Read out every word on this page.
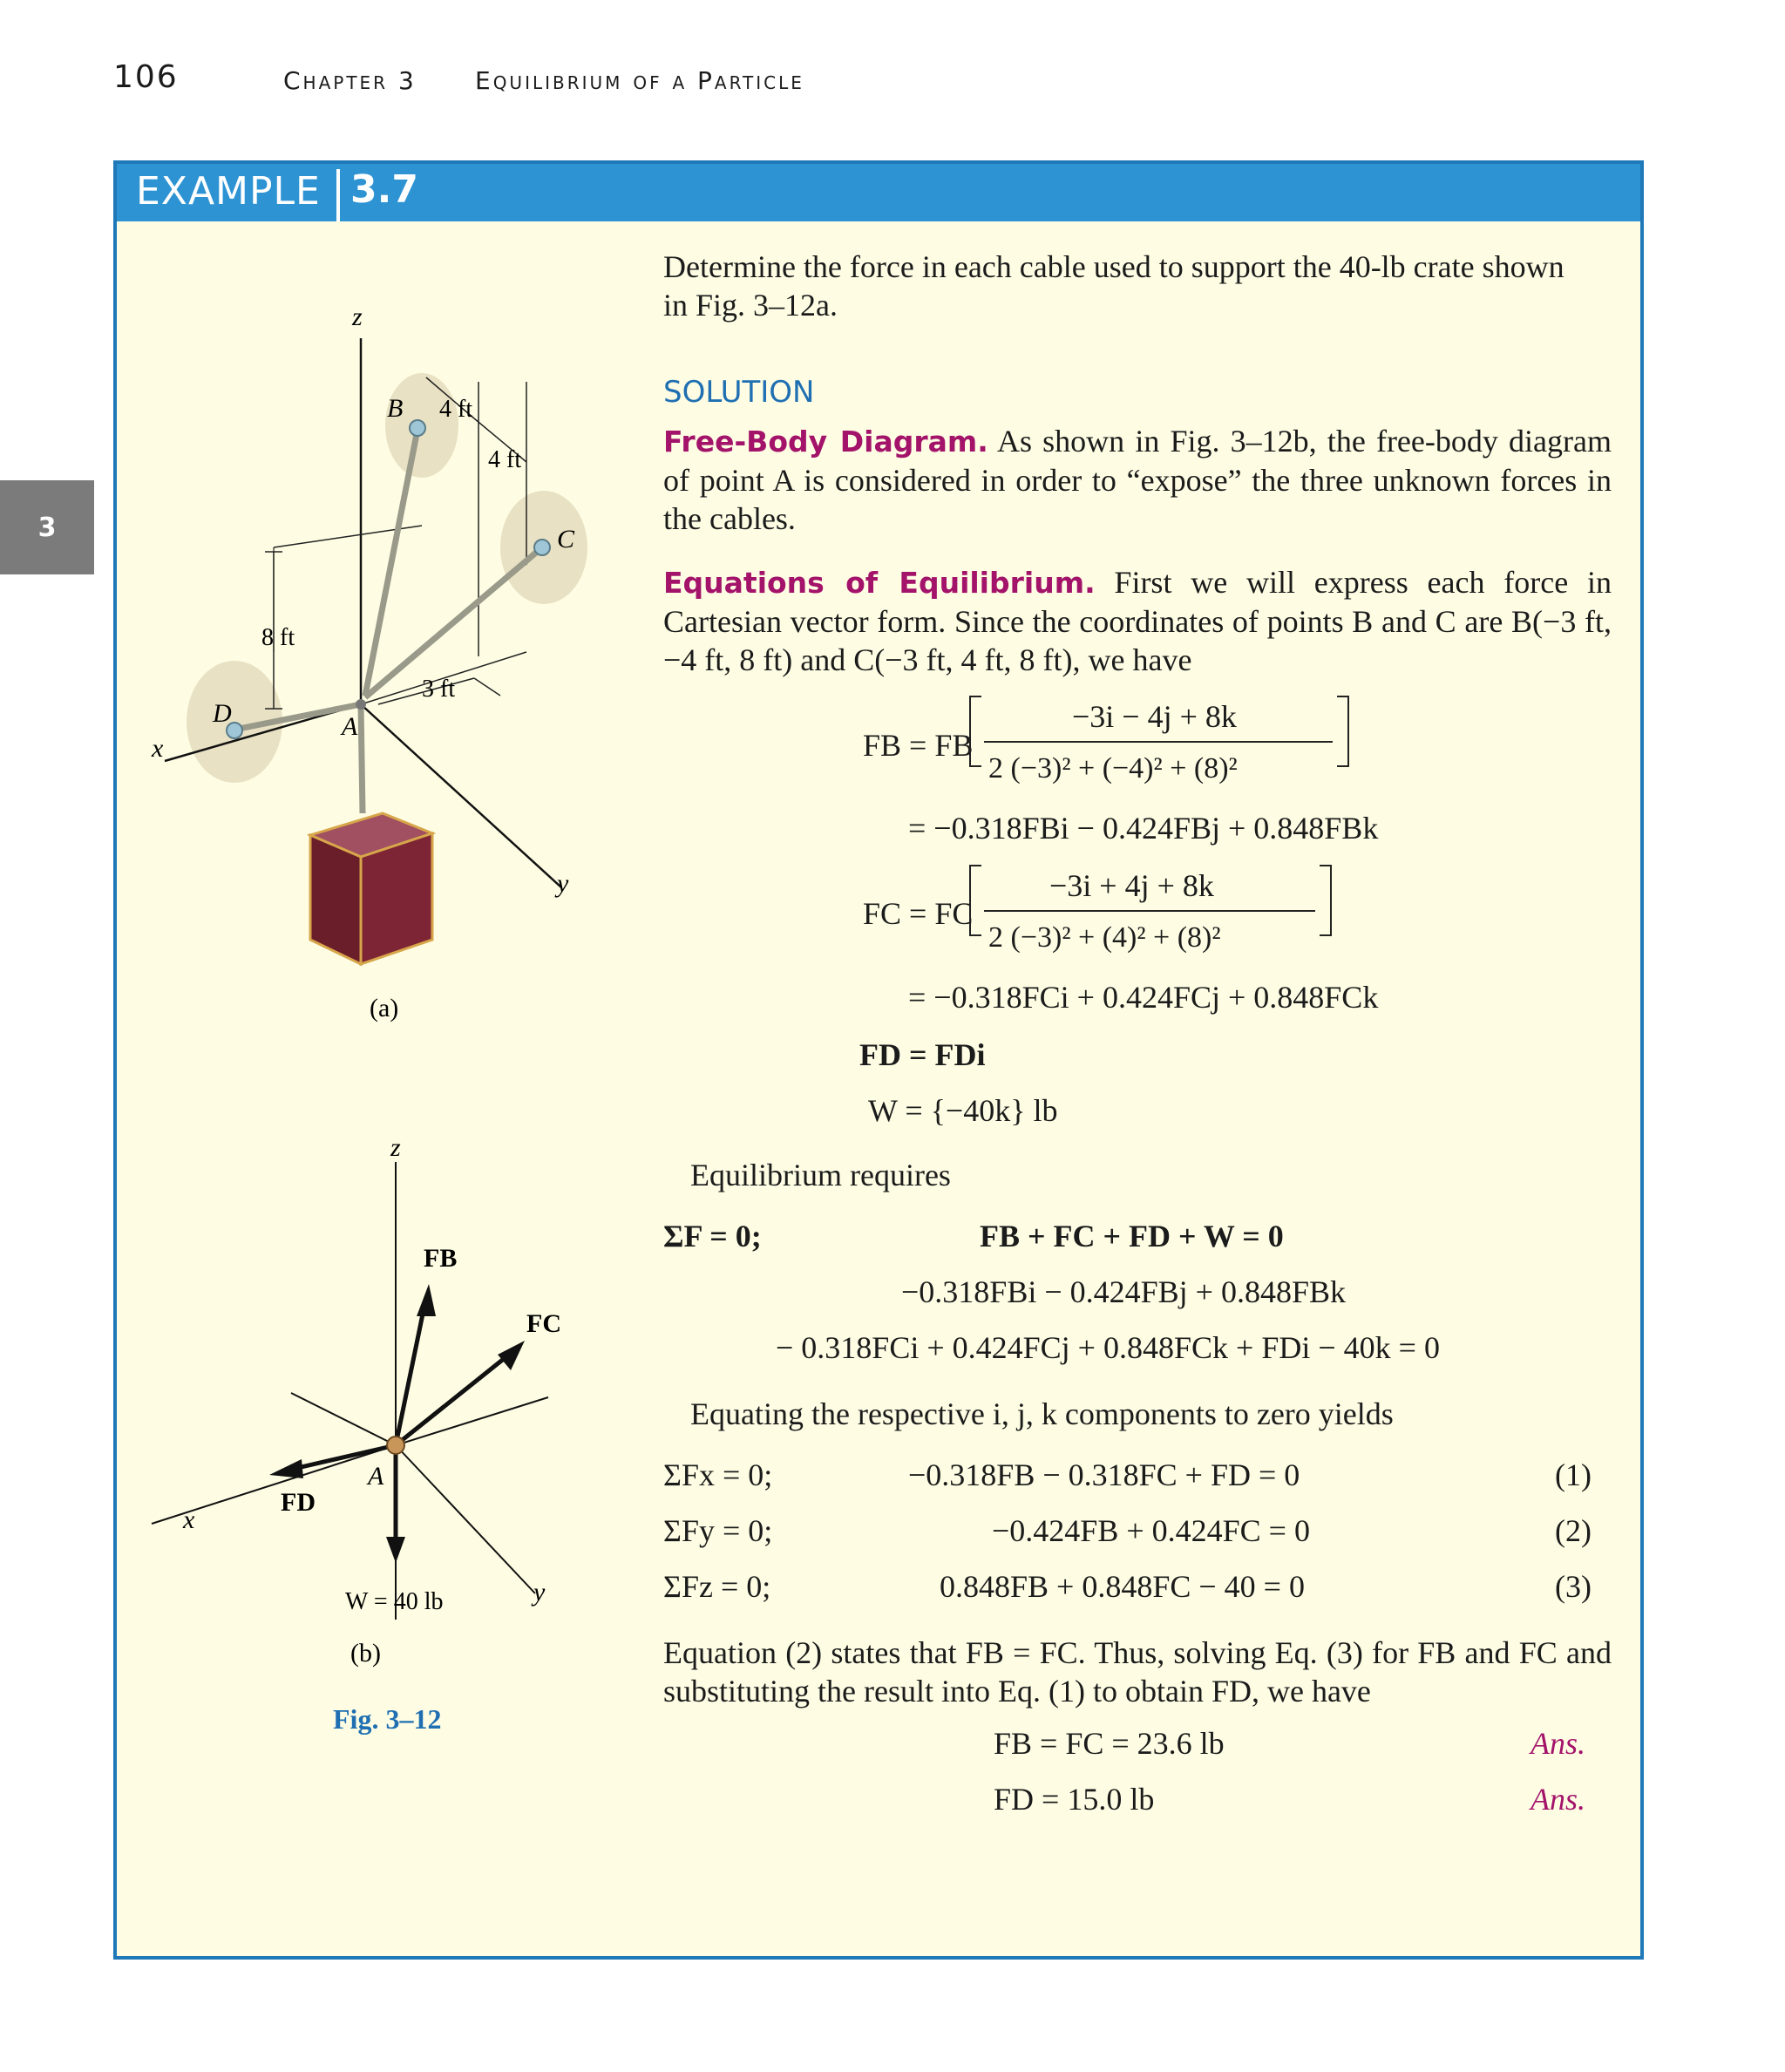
106	Chapter 3 Equilibrium of a Particle
3
EXAMPLE 3.7
z
x
y
B
C
D	A
4 ft
4 ft
8 ft
3 ft
(a)
z
x
y
FB
FC
FD
A
W = 40 lb
(b)
Fig. 3–12
Determine the force in each cable used to support the 40-lb crate shown in Fig. 3–12a.
SOLUTION
Free-Body Diagram. As shown in Fig. 3–12b, the free-body diagram of point A is considered in order to “expose” the three unknown forces in the cables.
Equations of Equilibrium. First we will express each force in Cartesian vector form. Since the coordinates of points B and C are B(−3 ft, −4 ft, 8 ft) and C(−3 ft, 4 ft, 8 ft), we have
FB = FB
−3i − 4j + 8k
2 (−3)² + (−4)² + (8)²
= −0.318FBi − 0.424FBj + 0.848FBk
FC = FC
−3i + 4j + 8k
2 (−3)² + (4)² + (8)²
= −0.318FCi + 0.424FCj + 0.848FCk
FD = FDi
W = {−40k} lb
Equilibrium requires
ΣF = 0;	FB + FC + FD + W = 0
−0.318FBi − 0.424FBj + 0.848FBk
− 0.318FCi + 0.424FCj + 0.848FCk + FDi − 40k = 0
Equating the respective i, j, k components to zero yields
ΣFx = 0;	−0.318FB − 0.318FC + FD = 0	(1)
ΣFy = 0;	−0.424FB + 0.424FC = 0	(2)
ΣFz = 0;	0.848FB + 0.848FC − 40 = 0	(3)
Equation (2) states that FB = FC. Thus, solving Eq. (3) for FB and FC and substituting the result into Eq. (1) to obtain FD, we have
FB = FC = 23.6 lb	Ans.
FD = 15.0 lb	Ans.
